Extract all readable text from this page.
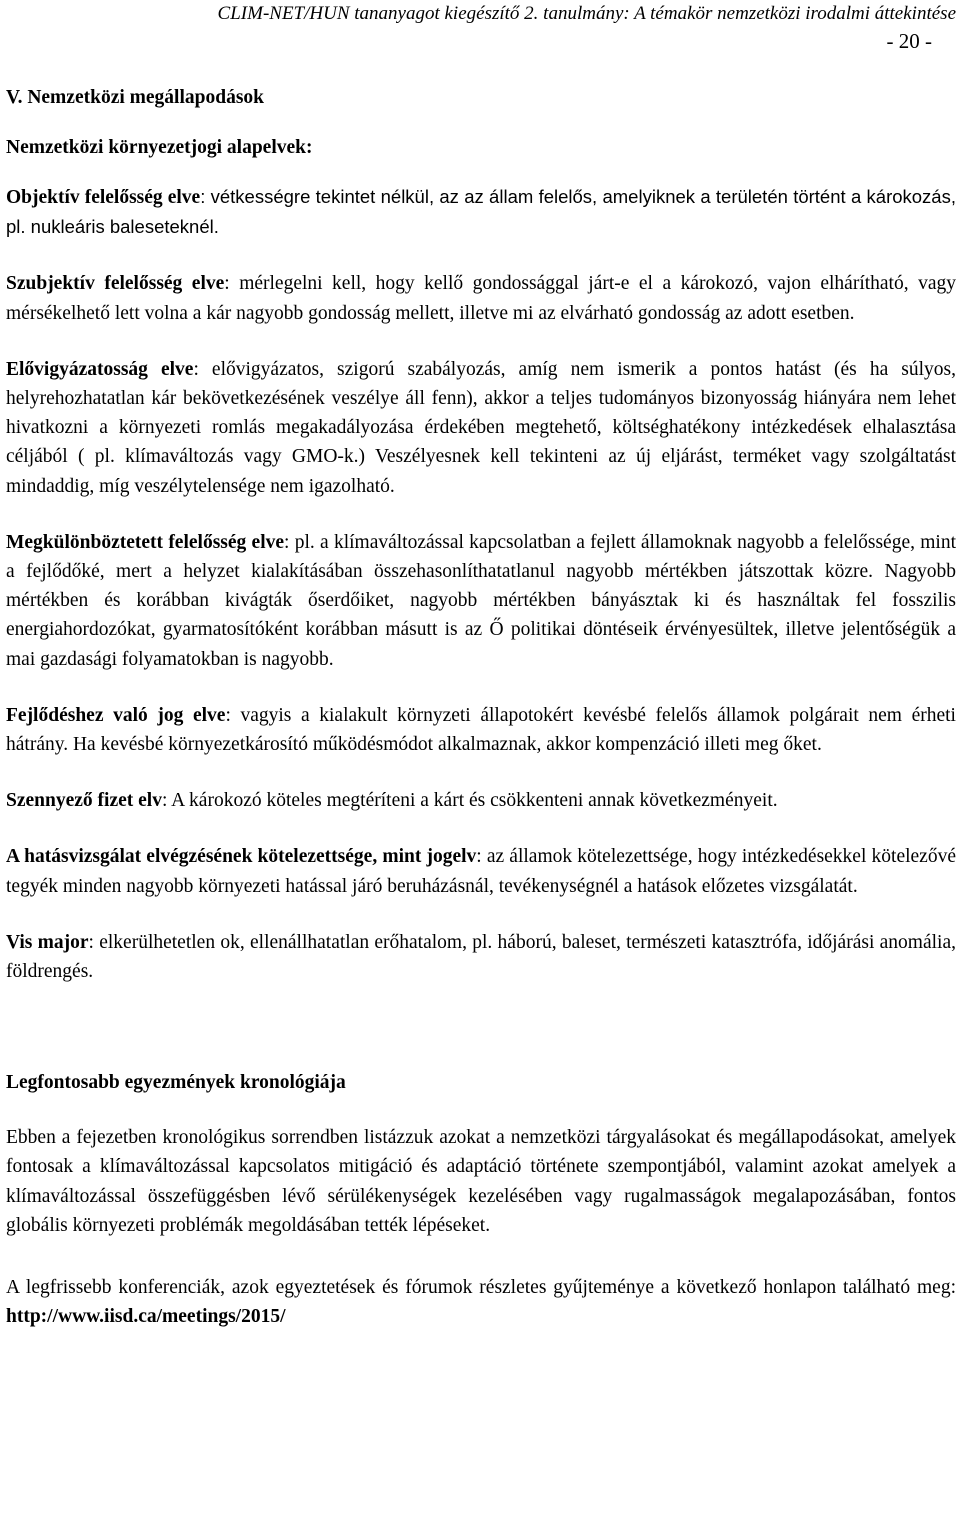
CLIM-NET/HUN tananyagot kiegészítő 2. tanulmány: A témakör nemzetközi irodalmi áttekintése
- 20 -
V. Nemzetközi megállapodások
Nemzetközi környezetjogi alapelvek:

Objektív felelősség elve: vétkességre tekintet nélkül, az az állam felelős, amelyiknek a területén történt a károkozás, pl. nukleáris baleseteknél.

Szubjektív felelősség elve: mérlegelni kell, hogy kellő gondossággal járt-e el a károkozó, vajon elhárítható, vagy mérsékelhető lett volna a kár nagyobb gondosság mellett, illetve mi az elvárható gondosság az adott esetben.

Elővigyázatosság elve: elővigyázatos, szigorú szabályozás, amíg nem ismerik a pontos hatást (és ha súlyos, helyrehozhatatlan kár bekövetkezésének veszélye áll fenn), akkor a teljes tudományos bizonyosság hiányára nem lehet hivatkozni a környezeti romlás megakadályozása érdekében megtehető, költséghatékony intézkedések elhalasztása céljából ( pl. klímaváltozás vagy GMO-k.) Veszélyesnek kell tekinteni az új eljárást, terméket vagy szolgáltatást mindaddig, míg veszélytelensége nem igazolható.

Megkülönböztetett felelősség elve: pl. a klímaváltozással kapcsolatban a fejlett államoknak nagyobb a felelőssége, mint a fejlődőké, mert a helyzet kialakításában összehasonlíthatatlanul nagyobb mértékben játszottak közre. Nagyobb mértékben és korábban kivágták őserdőiket, nagyobb mértékben bányásztak ki és használtak fel fosszilis energiahordozókat, gyarmatosítóként korábban másutt is az Ő politikai döntéseik érvényesültek, illetve jelentőségük a mai gazdasági folyamatokban is nagyobb.

Fejlődéshez való jog elve: vagyis a kialakult környzeti állapotokért kevésbé felelős államok polgárait nem érheti hátrány. Ha kevésbé környezetkárosító működésmódot alkalmaznak, akkor kompenzáció illeti meg őket.

Szennyező fizet elv: A károkozó köteles megtéríteni a kárt és csökkenteni annak következményeit.

A hatásvizsgálat elvégzésének kötelezettsége, mint jogelv: az államok kötelezettsége, hogy intézkedésekkel kötelezővé tegyék minden nagyobb környezeti hatással járó beruházásnál, tevékenységnél a hatások előzetes vizsgálatát.

Vis major: elkerülhetetlen ok, ellenállhatatlan erőhatalom, pl. háború, baleset, természeti katasztrófa, időjárási anomália, földrengés.

Legfontosabb egyezmények kronológiája

Ebben a fejezetben kronológikus sorrendben listázzuk azokat a nemzetközi tárgyalásokat és megállapodásokat, amelyek fontosak a klímaváltozással kapcsolatos mitigáció és adaptáció története szempontjából, valamint azokat amelyek a klímaváltozással összefüggésben lévő sérülékenységek kezelésében vagy rugalmasságok megalapozásában, fontos globális környezeti problémák megoldásában tették lépéseket.

A legfrissebb konferenciák, azok egyeztetések és fórumok részletes gyűjteménye a következő honlapon található meg: http://www.iisd.ca/meetings/2015/
